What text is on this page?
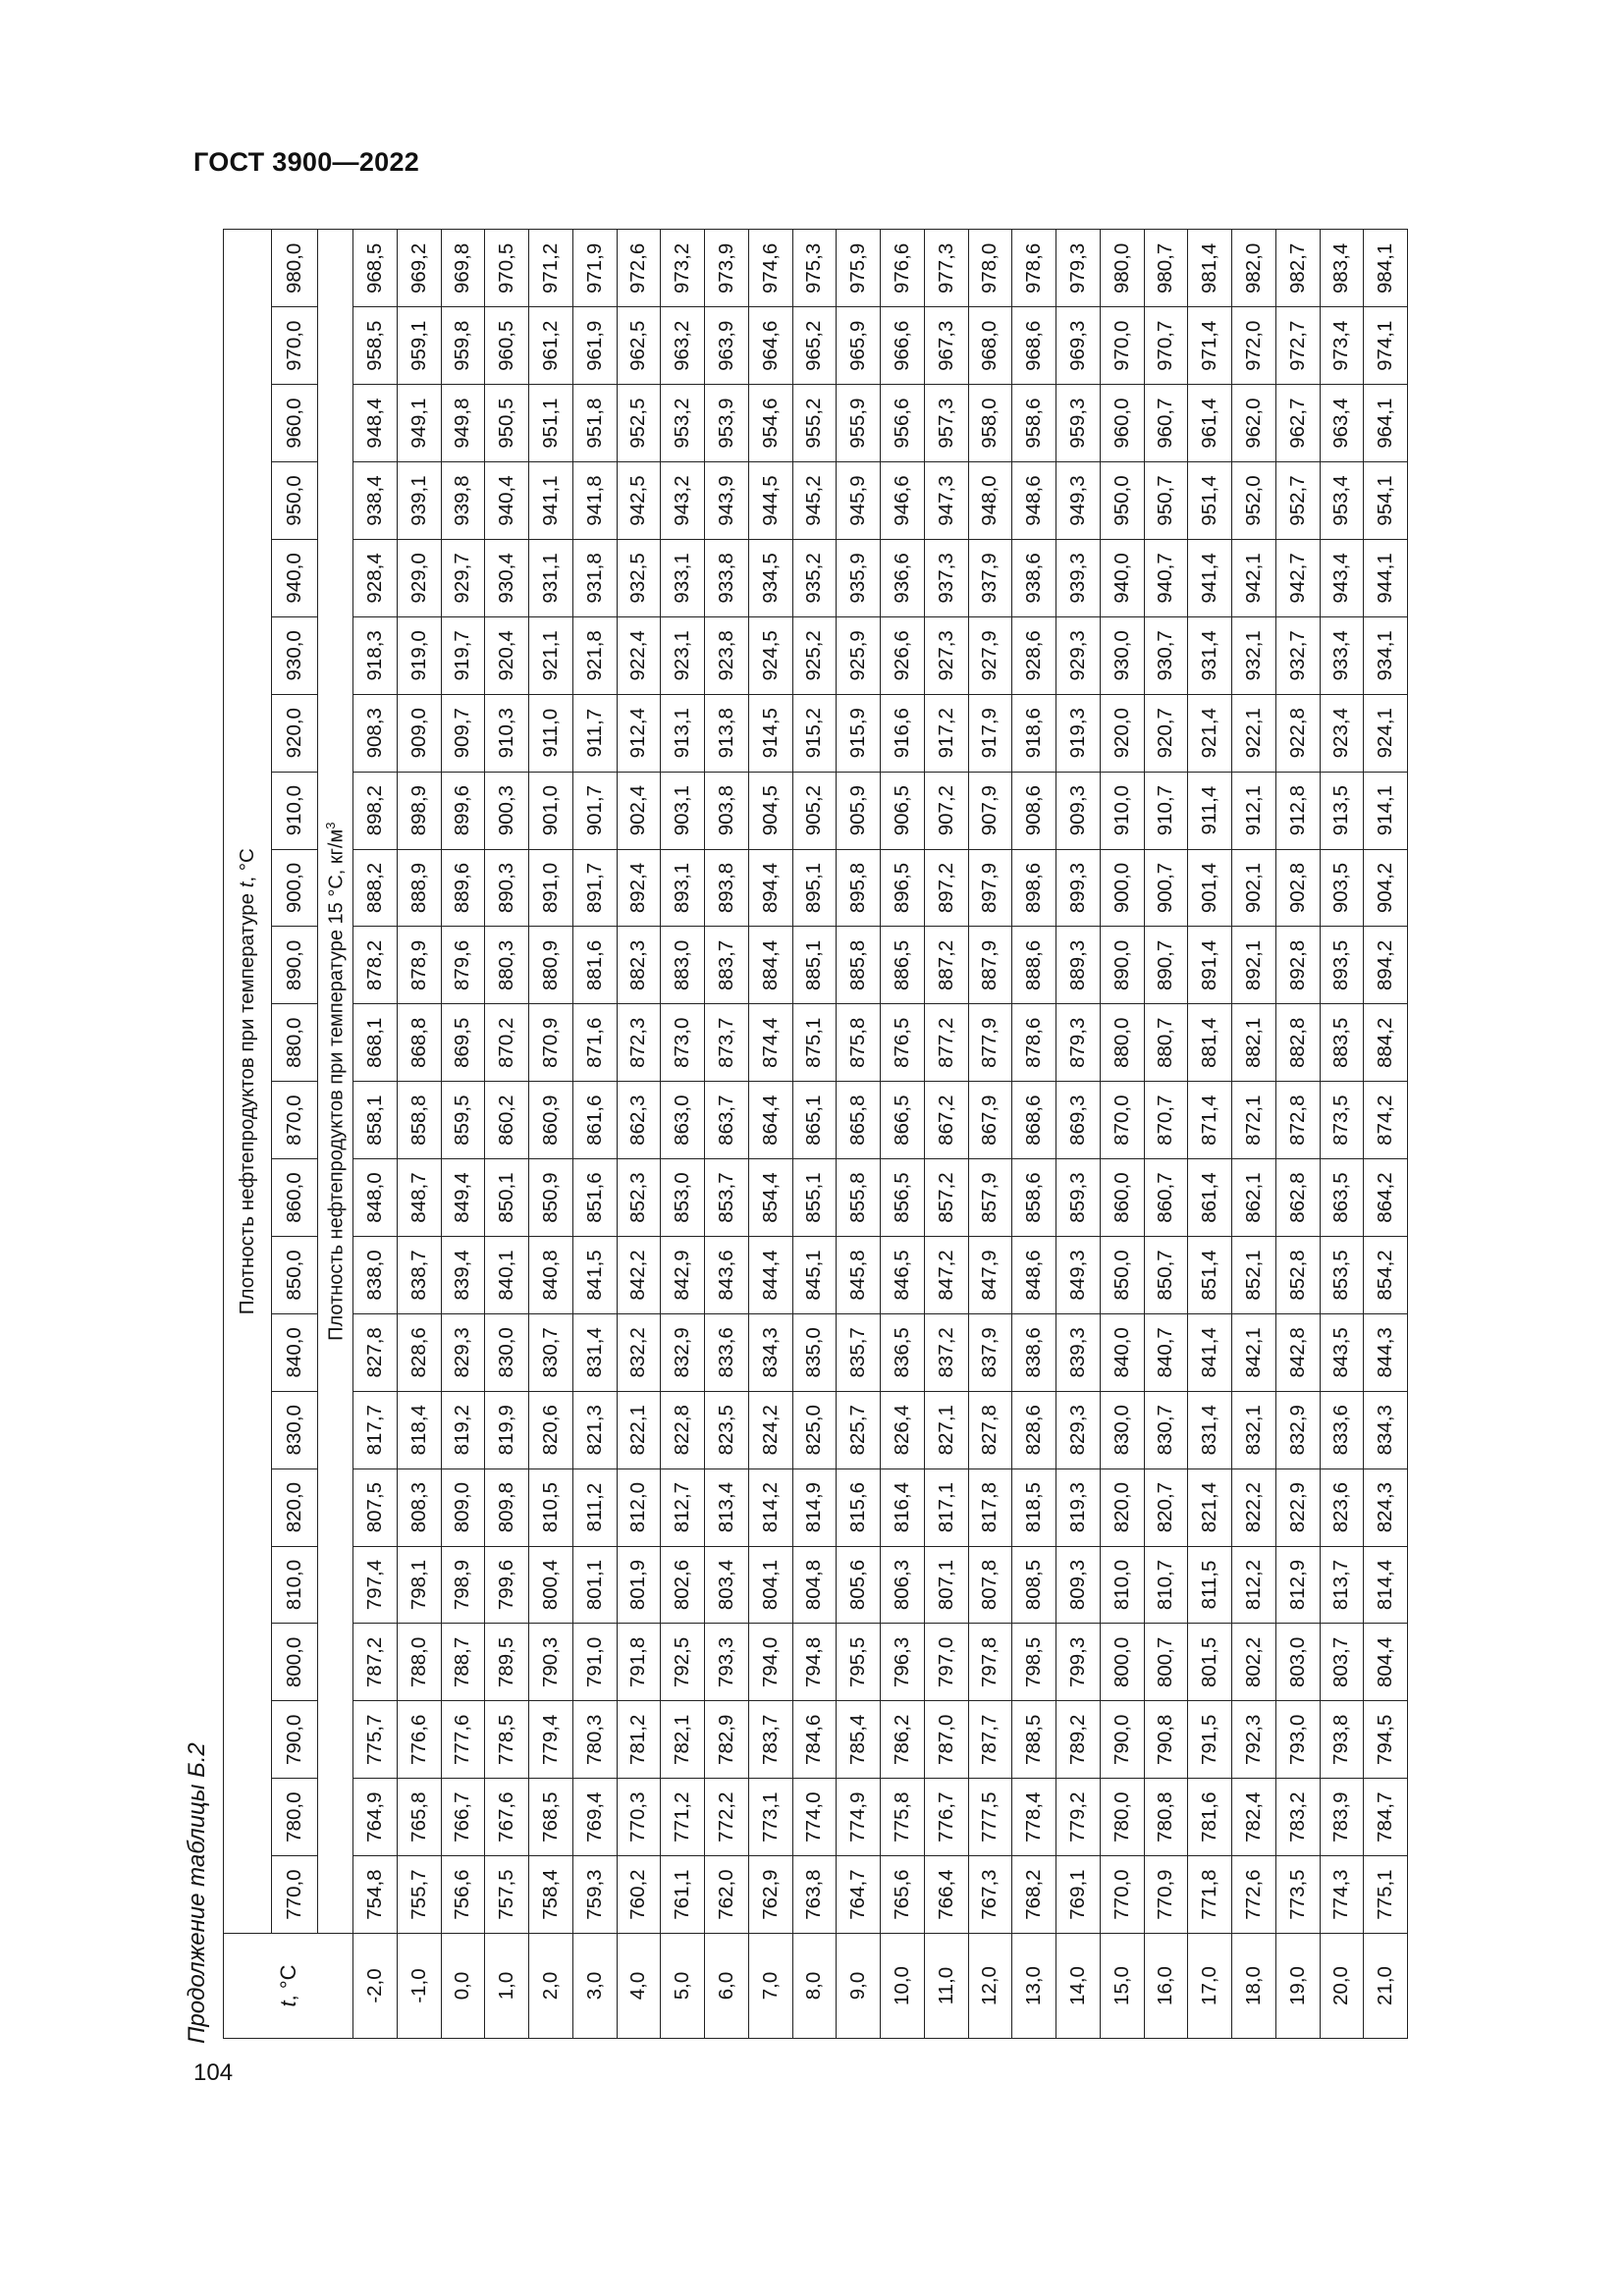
ГОСТ 3900—2022
Продолжение таблицы Б.2	t, °C	Плотность нефтепродуктов при температуре t, °C																					
	770,0	780,0	790,0	800,0	810,0	820,0	830,0	840,0	850,0	860,0	870,0	880,0	890,0	900,0	910,0	920,0	930,0	940,0	950,0	960,0	970,0	980,0
	Плотность нефтепродуктов при температуре 15 °C, $кг/м^3$
-2,0	754,8	764,9	775,7	787,2	797,4	807,5	817,7	827,8	838,0	848,0	858,1	868,1	878,2	888,2	898,2	908,3	918,3	928,4	938,4	948,4	958,5	968,5
-1,0	755,7	765,8	776,6	788,0	798,1	808,3	818,4	828,6	838,7	848,7	858,8	868,8	878,9	888,9	898,9	909,0	919,0	929,0	939,1	949,1	959,1	969,2
0,0	756,6	766,7	777,6	788,7	798,9	809,0	819,2	829,3	839,4	849,4	859,5	869,5	879,6	889,6	899,6	909,7	919,7	929,7	939,8	949,8	959,8	969,8
1,0	757,5	767,6	778,5	789,5	799,6	809,8	819,9	830,0	840,1	850,1	860,2	870,2	880,3	890,3	900,3	910,3	920,4	930,4	940,4	950,5	960,5	970,5
2,0	758,4	768,5	779,4	790,3	800,4	810,5	820,6	830,7	840,8	850,9	860,9	870,9	880,9	891,0	901,0	911,0	921,1	931,1	941,1	951,1	961,2	971,2
3,0	759,3	769,4	780,3	791,0	801,1	811,2	821,3	831,4	841,5	851,6	861,6	871,6	881,6	891,7	901,7	911,7	921,8	931,8	941,8	951,8	961,9	971,9
4,0	760,2	770,3	781,2	791,8	801,9	812,0	822,1	832,2	842,2	852,3	862,3	872,3	882,3	892,4	902,4	912,4	922,4	932,5	942,5	952,5	962,5	972,6
5,0	761,1	771,2	782,1	792,5	802,6	812,7	822,8	832,9	842,9	853,0	863,0	873,0	883,0	893,1	903,1	913,1	923,1	933,1	943,2	953,2	963,2	973,2
6,0	762,0	772,2	782,9	793,3	803,4	813,4	823,5	833,6	843,6	853,7	863,7	873,7	883,7	893,8	903,8	913,8	923,8	933,8	943,9	953,9	963,9	973,9
7,0	762,9	773,1	783,7	794,0	804,1	814,2	824,2	834,3	844,4	854,4	864,4	874,4	884,4	894,4	904,5	914,5	924,5	934,5	944,5	954,6	964,6	974,6
8,0	763,8	774,0	784,6	794,8	804,8	814,9	825,0	835,0	845,1	855,1	865,1	875,1	885,1	895,1	905,2	915,2	925,2	935,2	945,2	955,2	965,2	975,3
9,0	764,7	774,9	785,4	795,5	805,6	815,6	825,7	835,7	845,8	855,8	865,8	875,8	885,8	895,8	905,9	915,9	925,9	935,9	945,9	955,9	965,9	975,9
10,0	765,6	775,8	786,2	796,3	806,3	816,4	826,4	836,5	846,5	856,5	866,5	876,5	886,5	896,5	906,5	916,6	926,6	936,6	946,6	956,6	966,6	976,6
11,0	766,4	776,7	787,0	797,0	807,1	817,1	827,1	837,2	847,2	857,2	867,2	877,2	887,2	897,2	907,2	917,2	927,3	937,3	947,3	957,3	967,3	977,3
12,0	767,3	777,5	787,7	797,8	807,8	817,8	827,8	837,9	847,9	857,9	867,9	877,9	887,9	897,9	907,9	917,9	927,9	937,9	948,0	958,0	968,0	978,0
13,0	768,2	778,4	788,5	798,5	808,5	818,5	828,6	838,6	848,6	858,6	868,6	878,6	888,6	898,6	908,6	918,6	928,6	938,6	948,6	958,6	968,6	978,6
14,0	769,1	779,2	789,2	799,3	809,3	819,3	829,3	839,3	849,3	859,3	869,3	879,3	889,3	899,3	909,3	919,3	929,3	939,3	949,3	959,3	969,3	979,3
15,0	770,0	780,0	790,0	800,0	810,0	820,0	830,0	840,0	850,0	860,0	870,0	880,0	890,0	900,0	910,0	920,0	930,0	940,0	950,0	960,0	970,0	980,0
16,0	770,9	780,8	790,8	800,7	810,7	820,7	830,7	840,7	850,7	860,7	870,7	880,7	890,7	900,7	910,7	920,7	930,7	940,7	950,7	960,7	970,7	980,7
17,0	771,8	781,6	791,5	801,5	811,5	821,4	831,4	841,4	851,4	861,4	871,4	881,4	891,4	901,4	911,4	921,4	931,4	941,4	951,4	961,4	971,4	981,4
18,0	772,6	782,4	792,3	802,2	812,2	822,2	832,1	842,1	852,1	862,1	872,1	882,1	892,1	902,1	912,1	922,1	932,1	942,1	952,0	962,0	972,0	982,0
19,0	773,5	783,2	793,0	803,0	812,9	822,9	832,9	842,8	852,8	862,8	872,8	882,8	892,8	902,8	912,8	922,8	932,7	942,7	952,7	962,7	972,7	982,7
20,0	774,3	783,9	793,8	803,7	813,7	823,6	833,6	843,5	853,5	863,5	873,5	883,5	893,5	903,5	913,5	923,4	933,4	943,4	953,4	963,4	973,4	983,4
21,0	775,1	784,7	794,5	804,4	814,4	824,3	834,3	844,3	854,2	864,2	874,2	884,2	894,2	904,2	914,1	924,1	934,1	944,1	954,1	964,1	974,1	984,1
104
